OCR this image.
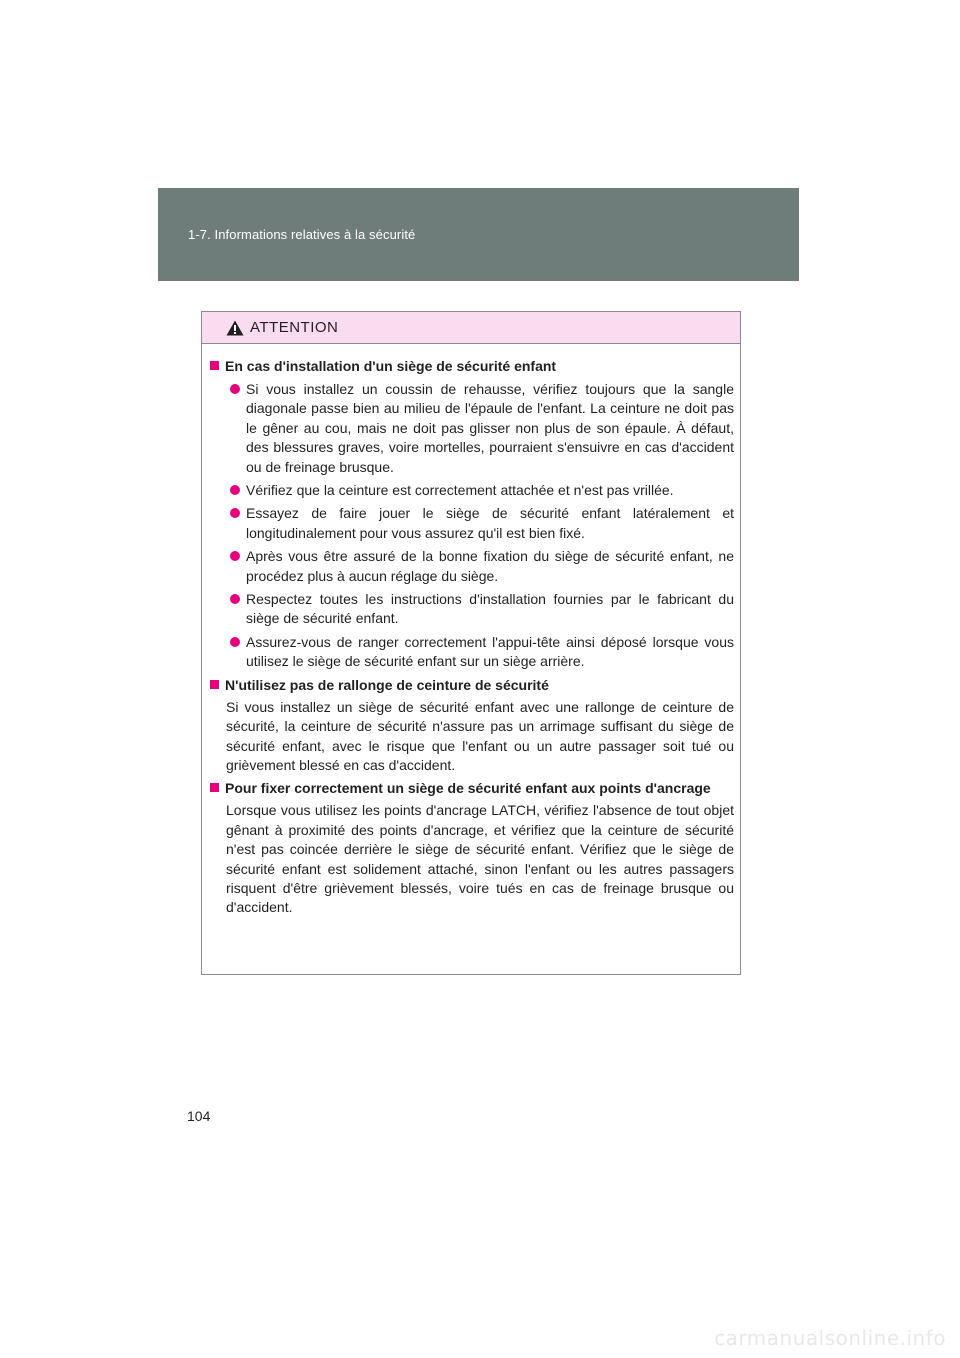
1-7. Informations relatives à la sécurité
ATTENTION
En cas d'installation d'un siège de sécurité enfant
Si vous installez un coussin de rehausse, vérifiez toujours que la sangle diagonale passe bien au milieu de l'épaule de l'enfant. La ceinture ne doit pas le gêner au cou, mais ne doit pas glisser non plus de son épaule. À défaut, des blessures graves, voire mortelles, pourraient s'ensuivre en cas d'accident ou de freinage brusque.
Vérifiez que la ceinture est correctement attachée et n'est pas vrillée.
Essayez de faire jouer le siège de sécurité enfant latéralement et longitudinalement pour vous assurez qu'il est bien fixé.
Après vous être assuré de la bonne fixation du siège de sécurité enfant, ne procédez plus à aucun réglage du siège.
Respectez toutes les instructions d'installation fournies par le fabricant du siège de sécurité enfant.
Assurez-vous de ranger correctement l'appui-tête ainsi déposé lorsque vous utilisez le siège de sécurité enfant sur un siège arrière.
N'utilisez pas de rallonge de ceinture de sécurité
Si vous installez un siège de sécurité enfant avec une rallonge de ceinture de sécurité, la ceinture de sécurité n'assure pas un arrimage suffisant du siège de sécurité enfant, avec le risque que l'enfant ou un autre passager soit tué ou grièvement blessé en cas d'accident.
Pour fixer correctement un siège de sécurité enfant aux points d'ancrage
Lorsque vous utilisez les points d'ancrage LATCH, vérifiez l'absence de tout objet gênant à proximité des points d'ancrage, et vérifiez que la ceinture de sécurité n'est pas coincée derrière le siège de sécurité enfant. Vérifiez que le siège de sécurité enfant est solidement attaché, sinon l'enfant ou les autres passagers risquent d'être grièvement blessés, voire tués en cas de freinage brusque ou d'accident.
104
carmanualsonline.info
